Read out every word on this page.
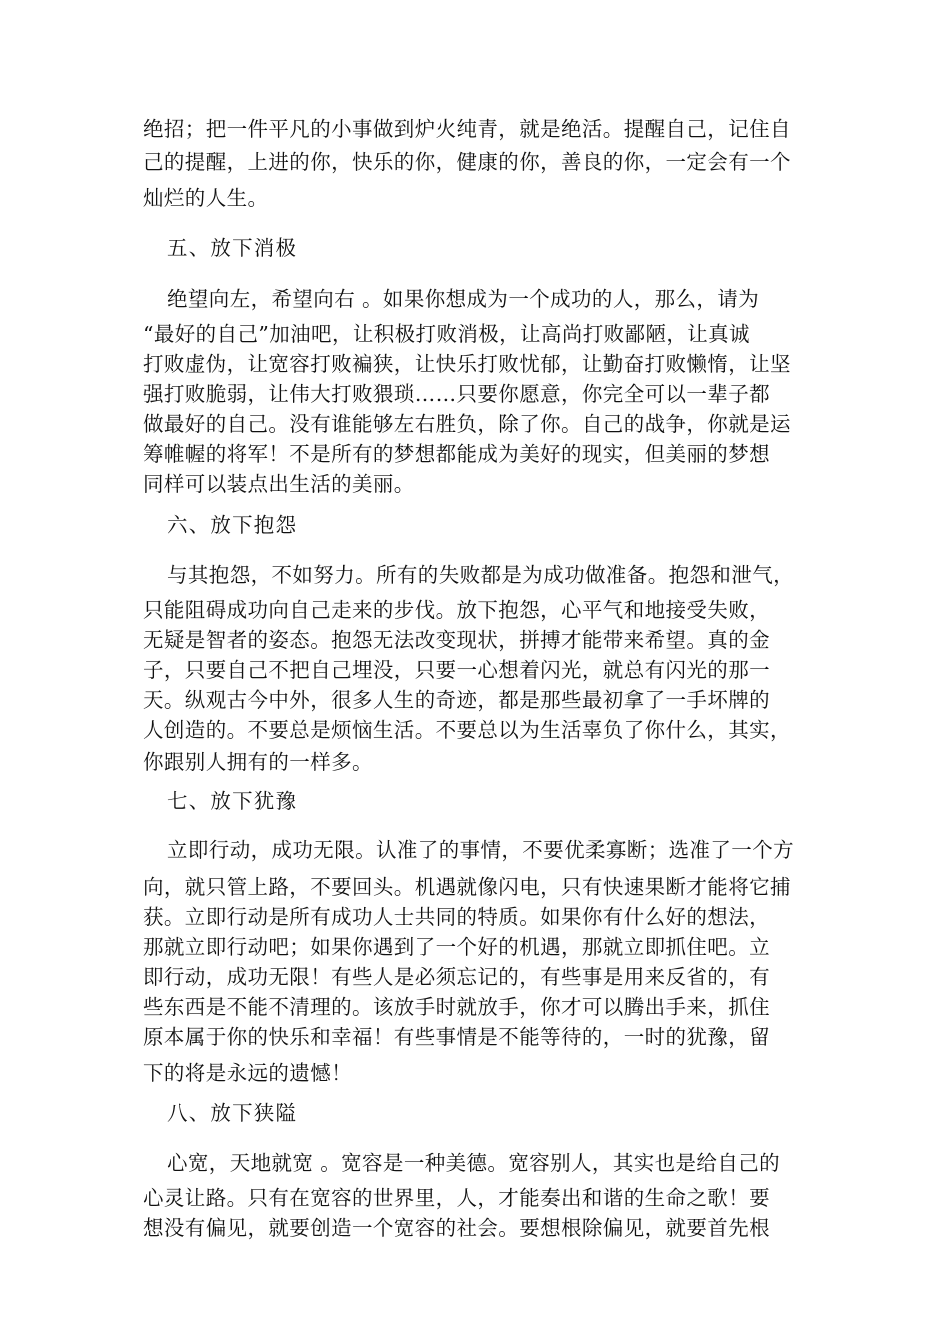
绝招；把一件平凡的小事做到炉火纯青，就是绝活。提醒自己，记住自
己的提醒，上进的你，快乐的你，健康的你，善良的你，一定会有一个
灿烂的人生。
五、放下消极
绝望向左，希望向右 。如果你想成为一个成功的人，那么，请为
“最好的自己”加油吧，让积极打败消极，让高尚打败鄙陋，让真诚
打败虚伪，让宽容打败褊狭，让快乐打败忧郁，让勤奋打败懒惰，让坚
强打败脆弱，让伟大打败猥琐……只要你愿意，你完全可以一辈子都
做最好的自己。没有谁能够左右胜负，除了你。自己的战争，你就是运
筹帷幄的将军！不是所有的梦想都能成为美好的现实，但美丽的梦想
同样可以装点出生活的美丽。
六、放下抱怨
与其抱怨，不如努力。所有的失败都是为成功做准备。抱怨和泄气，
只能阻碍成功向自己走来的步伐。放下抱怨，心平气和地接受失败，
无疑是智者的姿态。抱怨无法改变现状，拼搏才能带来希望。真的金
子，只要自己不把自己埋没，只要一心想着闪光，就总有闪光的那一
天。纵观古今中外，很多人生的奇迹，都是那些最初拿了一手坏牌的
人创造的。不要总是烦恼生活。不要总以为生活辜负了你什么，其实，
你跟别人拥有的一样多。
七、放下犹豫
立即行动，成功无限。认准了的事情，不要优柔寡断；选准了一个方
向，就只管上路，不要回头。机遇就像闪电，只有快速果断才能将它捕
获。立即行动是所有成功人士共同的特质。如果你有什么好的想法，
那就立即行动吧；如果你遇到了一个好的机遇，那就立即抓住吧。立
即行动，成功无限！有些人是必须忘记的，有些事是用来反省的，有
些东西是不能不清理的。该放手时就放手，你才可以腾出手来，抓住
原本属于你的快乐和幸福！有些事情是不能等待的，一时的犹豫，留
下的将是永远的遗憾！
八、放下狭隘
心宽，天地就宽 。宽容是一种美德。宽容别人，其实也是给自己的
心灵让路。只有在宽容的世界里，人，才能奏出和谐的生命之歌！要
想没有偏见，就要创造一个宽容的社会。要想根除偏见，就要首先根
